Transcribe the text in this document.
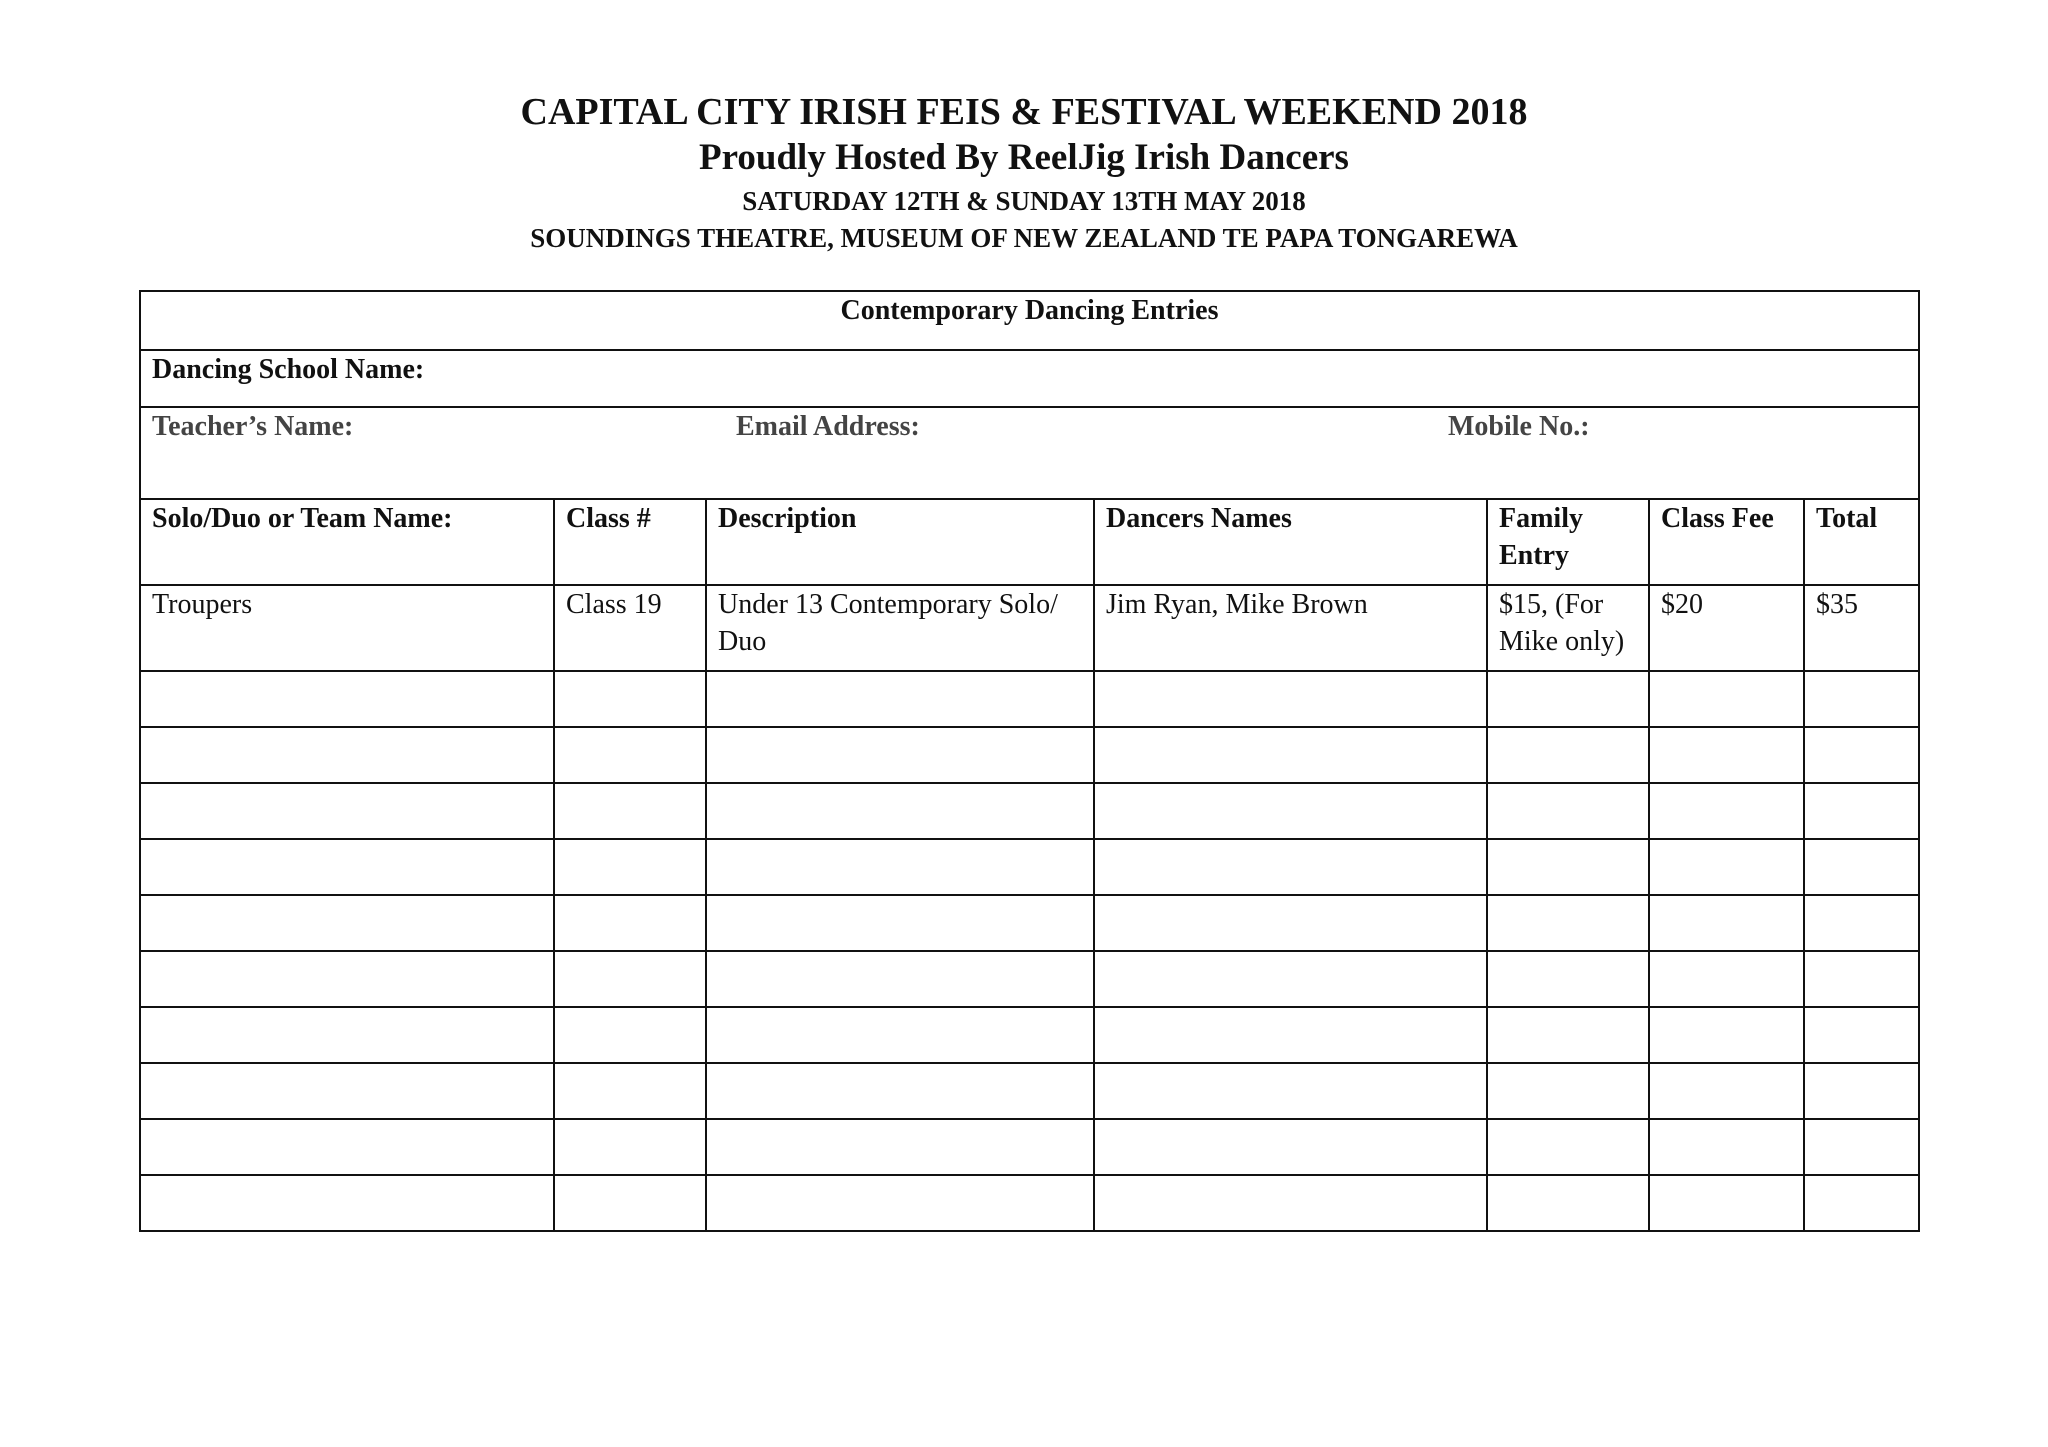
CAPITAL CITY IRISH FEIS & FESTIVAL WEEKEND 2018
Proudly Hosted By ReelJig Irish Dancers
SATURDAY 12TH & SUNDAY 13TH MAY 2018
SOUNDINGS THEATRE, MUSEUM OF NEW ZEALAND TE PAPA TONGAREWA
Contemporary Dancing Entries						
Dancing School Name:						

Teacher’s Name: Email Address: Mobile No.:						

Solo/Duo or Team Name:	Class #	Description	Dancers Names	Family Entry	Class Fee	Total
Troupers	Class 19	Under 13 Contemporary Solo/ Duo	Jim Ryan, Mike Brown	$15, (For Mike only)	$20	$35
